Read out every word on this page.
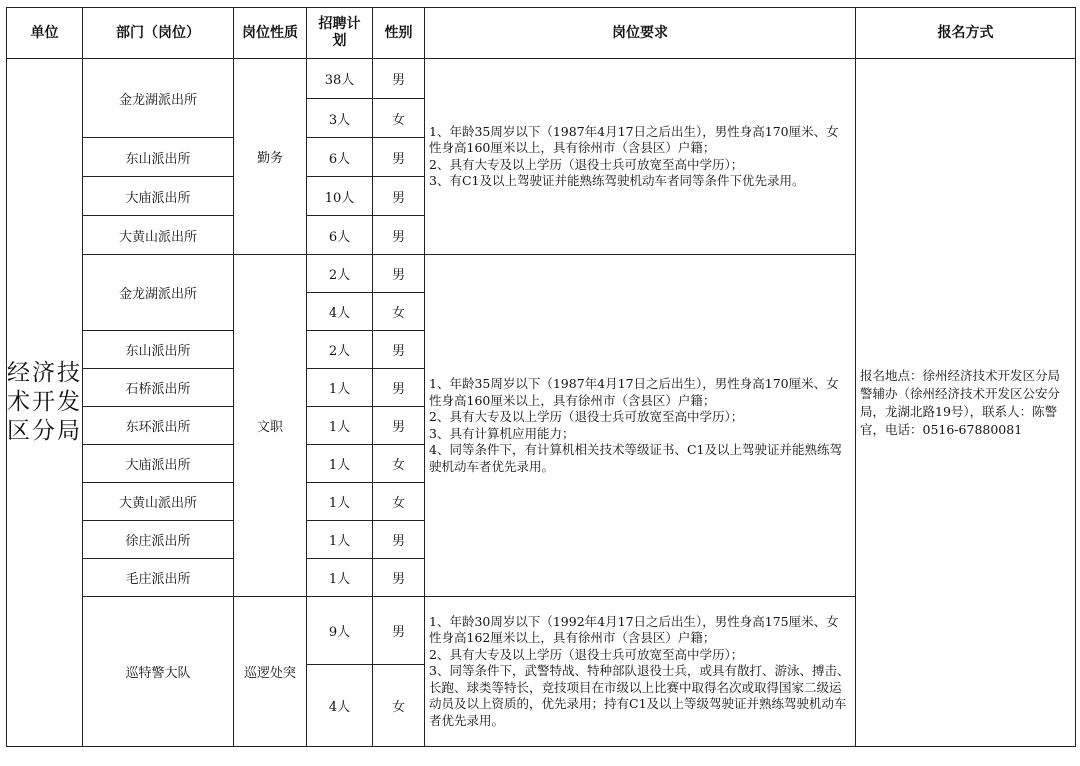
单位	部门（岗位）	岗位性质	招聘计划	性别	岗位要求	报名方式
经济技术开发区分局	金龙湖派出所	勤务	38人	男	1、年龄35周岁以下（1987年4月17日之后出生），男性身高170厘米、女性身高160厘米以上，具有徐州市（含县区）户籍；
2、具有大专及以上学历（退役士兵可放宽至高中学历）；
3、有C1及以上驾驶证并能熟练驾驶机动车者同等条件下优先录用。	报名地点：徐州经济技术开发区分局警辅办（徐州经济技术开发区公安分局，龙湖北路19号），联系人：陈警官，电话：0516-67880081
			3人	女		
	东山派出所		6人	男		
	大庙派出所		10人	男		
	大黄山派出所		6人	男		
	金龙湖派出所	文职	2人	男	1、年龄35周岁以下（1987年4月17日之后出生），男性身高170厘米、女性身高160厘米以上，具有徐州市（含县区）户籍；
2、具有大专及以上学历（退役士兵可放宽至高中学历）；
3、具有计算机应用能力；
4、同等条件下，有计算机相关技术等级证书、C1及以上驾驶证并能熟练驾驶机动车者优先录用。	
			4人	女		
	东山派出所		2人	男		
	石桥派出所		1人	男		
	东环派出所		1人	男		
	大庙派出所		1人	女		
	大黄山派出所		1人	女		
	徐庄派出所		1人	男		
	毛庄派出所		1人	男		
	巡特警大队	巡逻处突	9人	男	1、年龄30周岁以下（1992年4月17日之后出生），男性身高175厘米、女性身高162厘米以上，具有徐州市（含县区）户籍；
2、具有大专及以上学历（退役士兵可放宽至高中学历）；
3、同等条件下，武警特战、特种部队退役士兵，或具有散打、游泳、搏击、长跑、球类等特长，竞技项目在市级以上比赛中取得名次或取得国家二级运动员及以上资质的，优先录用；持有C1及以上等级驾驶证并熟练驾驶机动车者优先录用。	
			4人	女		
